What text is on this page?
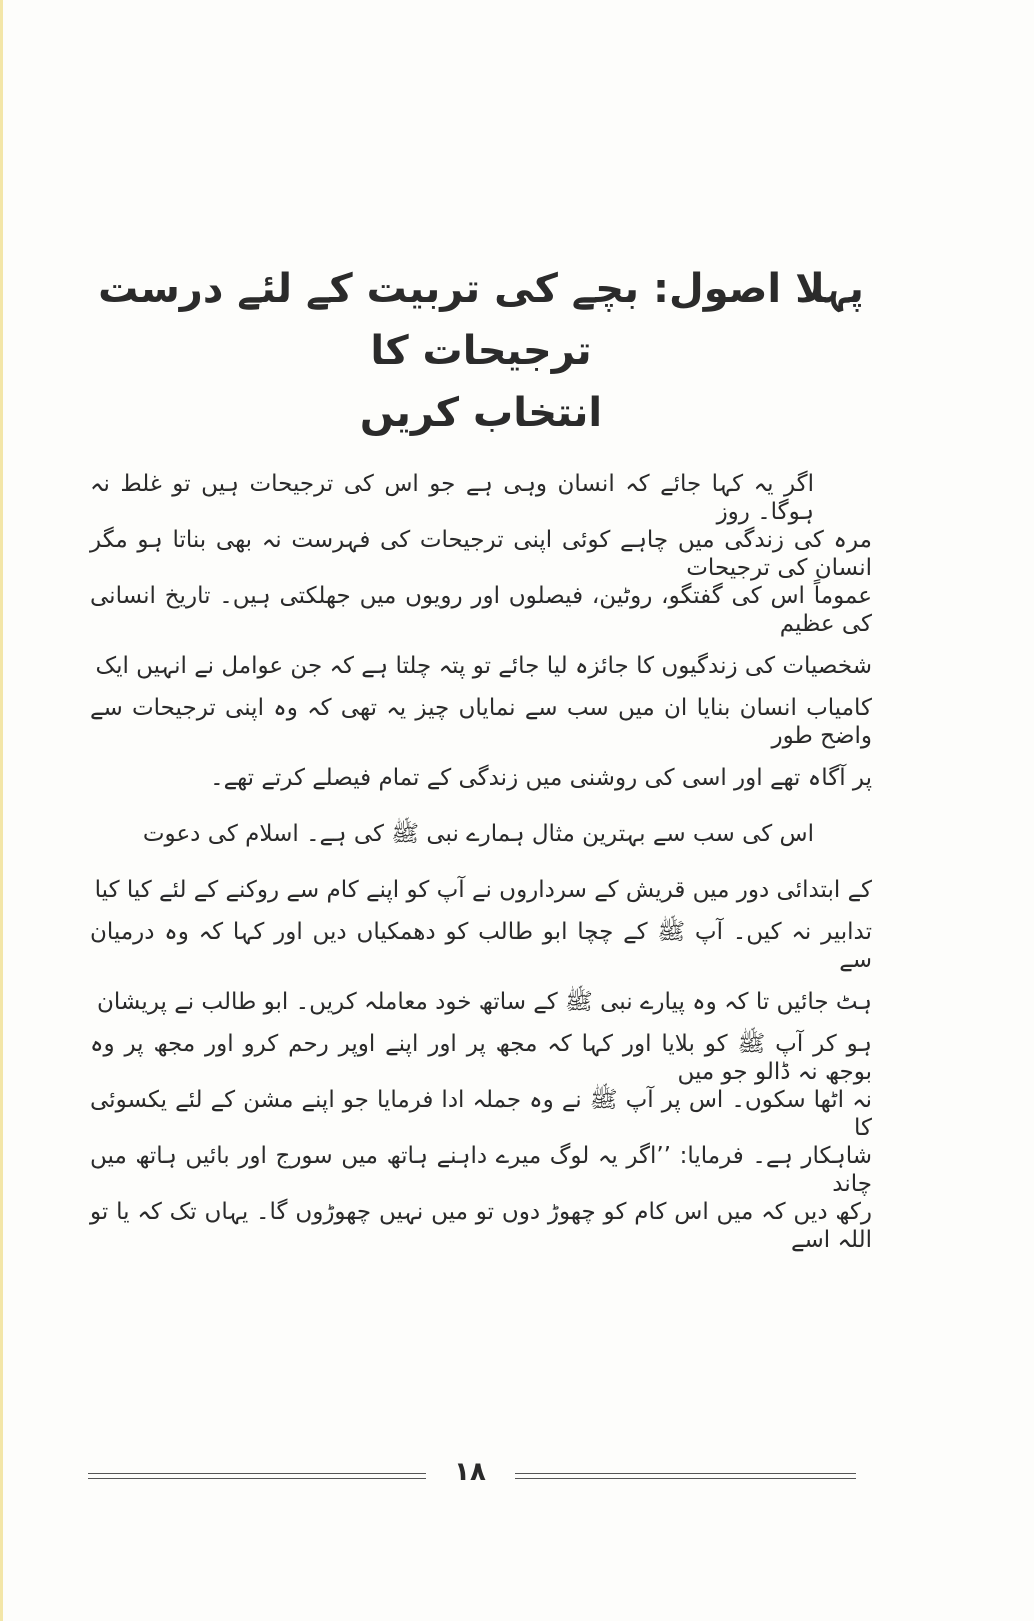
پہلا اصول: بچے کی تربیت کے لئے درست ترجیحات کا
انتخاب کریں
اگر یہ کہا جائے کہ انسان وہی ہے جو اس کی ترجیحات ہیں تو غلط نہ ہوگا۔ روز
مرہ کی زندگی میں چاہے کوئی اپنی ترجیحات کی فہرست نہ بھی بناتا ہو مگر انسان کی ترجیحات
عموماً اس کی گفتگو، روٹین، فیصلوں اور رویوں میں جھلکتی ہیں۔ تاریخ انسانی کی عظیم
شخصیات کی زندگیوں کا جائزہ لیا جائے تو پتہ چلتا ہے کہ جن عوامل نے انہیں ایک
کامیاب انسان بنایا ان میں سب سے نمایاں چیز یہ تھی کہ وہ اپنی ترجیحات سے واضح طور
پر آگاہ تھے اور اسی کی روشنی میں زندگی کے تمام فیصلے کرتے تھے۔
اس کی سب سے بہترین مثال ہمارے نبی ﷺ کی ہے۔ اسلام کی دعوت
کے ابتدائی دور میں قریش کے سرداروں نے آپ کو اپنے کام سے روکنے کے لئے کیا کیا
تدابیر نہ کیں۔ آپ ﷺ کے چچا ابو طالب کو دھمکیاں دیں اور کہا کہ وہ درمیان سے
ہٹ جائیں تا کہ وہ پیارے نبی ﷺ کے ساتھ خود معاملہ کریں۔ ابو طالب نے پریشان
ہو کر آپ ﷺ کو بلایا اور کہا کہ مجھ پر اور اپنے اوپر رحم کرو اور مجھ پر وہ بوجھ نہ ڈالو جو میں
نہ اٹھا سکوں۔ اس پر آپ ﷺ نے وہ جملہ ادا فرمایا جو اپنے مشن کے لئے یکسوئی کا
شاہکار ہے۔ فرمایا: ’’اگر یہ لوگ میرے داہنے ہاتھ میں سورج اور بائیں ہاتھ میں چاند
رکھ دیں کہ میں اس کام کو چھوڑ دوں تو میں نہیں چھوڑوں گا۔ یہاں تک کہ یا تو اللہ اسے
۱۸
